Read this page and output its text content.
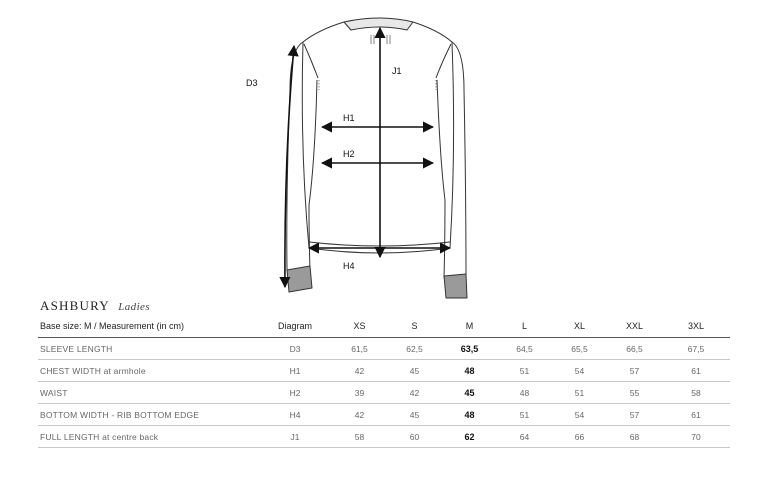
D3
J1
H1
H2
H4
ASHBURY Ladies
Base size: M / Measurement (in cm)	Diagram	XS	S	M	L	XL	XXL	3XL
SLEEVE LENGTH	D3	61,5	62,5	63,5	64,5	65,5	66,5	67,5
CHEST WIDTH at armhole	H1	42	45	48	51	54	57	61
WAIST	H2	39	42	45	48	51	55	58
BOTTOM WIDTH - RIB BOTTOM EDGE	H4	42	45	48	51	54	57	61
FULL LENGTH at centre back	J1	58	60	62	64	66	68	70
